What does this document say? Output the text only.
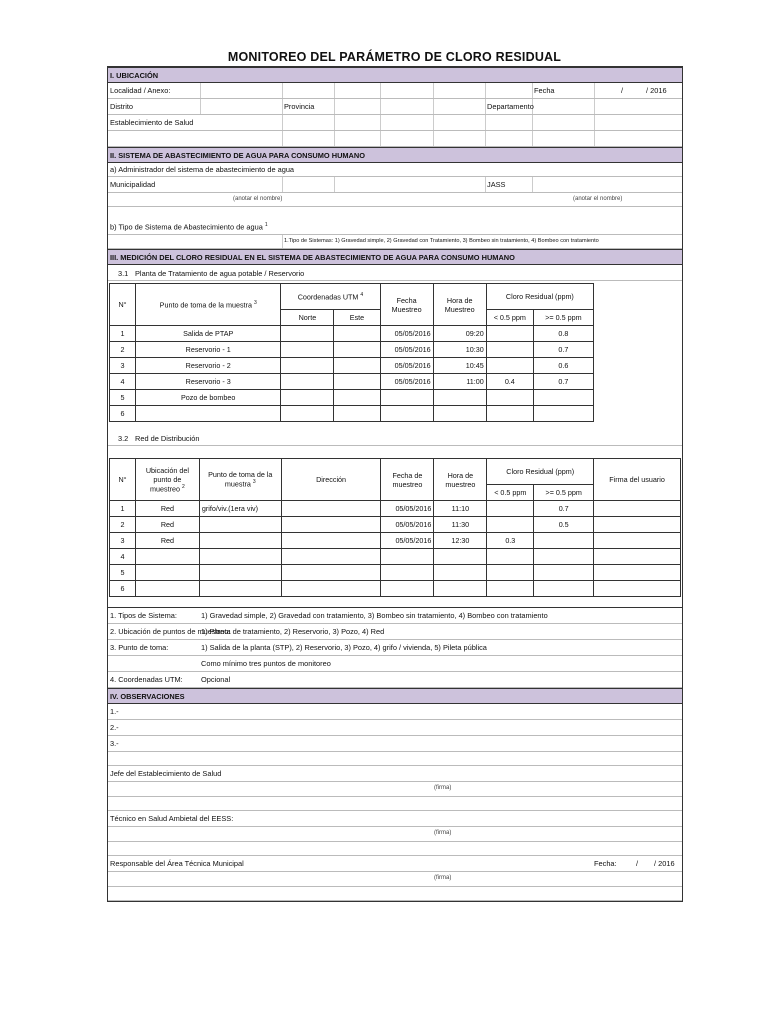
MONITOREO DEL PARÁMETRO DE CLORO RESIDUAL
I. UBICACIÓN
Localidad / Anexo:	Fecha	/	/ 2016
Distrito	Provincia	Departamento
Establecimiento de Salud
II. SISTEMA DE ABASTECIMIENTO DE AGUA PARA CONSUMO HUMANO
a) Administrador del sistema de abastecimiento de agua
Municipalidad	JASS
(anotar el nombre)	(anotar el nombre)
b) Tipo de Sistema de Abastecimiento de agua $^1$
1.Tipo de Sistemas: 1) Gravedad simple, 2) Gravedad con Tratamiento, 3) Bombeo sin tratamiento, 4) Bombeo con tratamiento
III. MEDICIÓN DEL CLORO RESIDUAL EN EL SISTEMA DE ABASTECIMIENTO DE AGUA PARA CONSUMO HUMANO
3.1 Planta de Tratamiento de agua potable / Reservorio
N°	Punto de toma de la muestra $^3$	Coordenadas UTM $^4$		Fecha Muestreo	Hora de Muestreo	Cloro Residual (ppm)	
		Norte	Este			< 0.5 ppm	>= 0.5 ppm
1	Salida de PTAP			05/05/2016	09:20		0.8
2	Reservorio - 1			05/05/2016	10:30		0.7
3	Reservorio - 2			05/05/2016	10:45		0.6
4	Reservorio - 3			05/05/2016	11:00	0.4	0.7
5	Pozo de bombeo						
6							
3.2 Red de Distribución
N°	Ubicación del punto de muestreo $^2$	Punto de toma de la muestra $^3$	Dirección	Fecha de muestreo	Hora de muestreo	Cloro Residual (ppm)		Firma del usuario
						< 0.5 ppm	>= 0.5 ppm	
1	Red	grifo/viv.(1era viv)		05/05/2016	11:10		0.7	
2	Red			05/05/2016	11:30		0.5	
3	Red			05/05/2016	12:30	0.3		
4								
5								
6								
1. Tipos de Sistema:	1) Gravedad simple, 2) Gravedad con tratamiento, 3) Bombeo sin tratamiento, 4) Bombeo con tratamiento
2. Ubicación de puntos de muestreo:
1) Planta de tratamiento, 2) Reservorio, 3) Pozo, 4) Red
3. Punto de toma:	1) Salida de la planta (STP), 2) Reservorio, 3) Pozo, 4) grifo / vivienda, 5) Pileta pública
Como mínimo tres puntos de monitoreo
4. Coordenadas UTM: Opcional
IV. OBSERVACIONES
1.-
2.-
3.-
Jefe del Establecimiento de Salud
(firma)
Técnico en Salud Ambietal del EESS:
(firma)
Responsable del Área Técnica Municipal	Fecha:	/ / 2016
(firma)
